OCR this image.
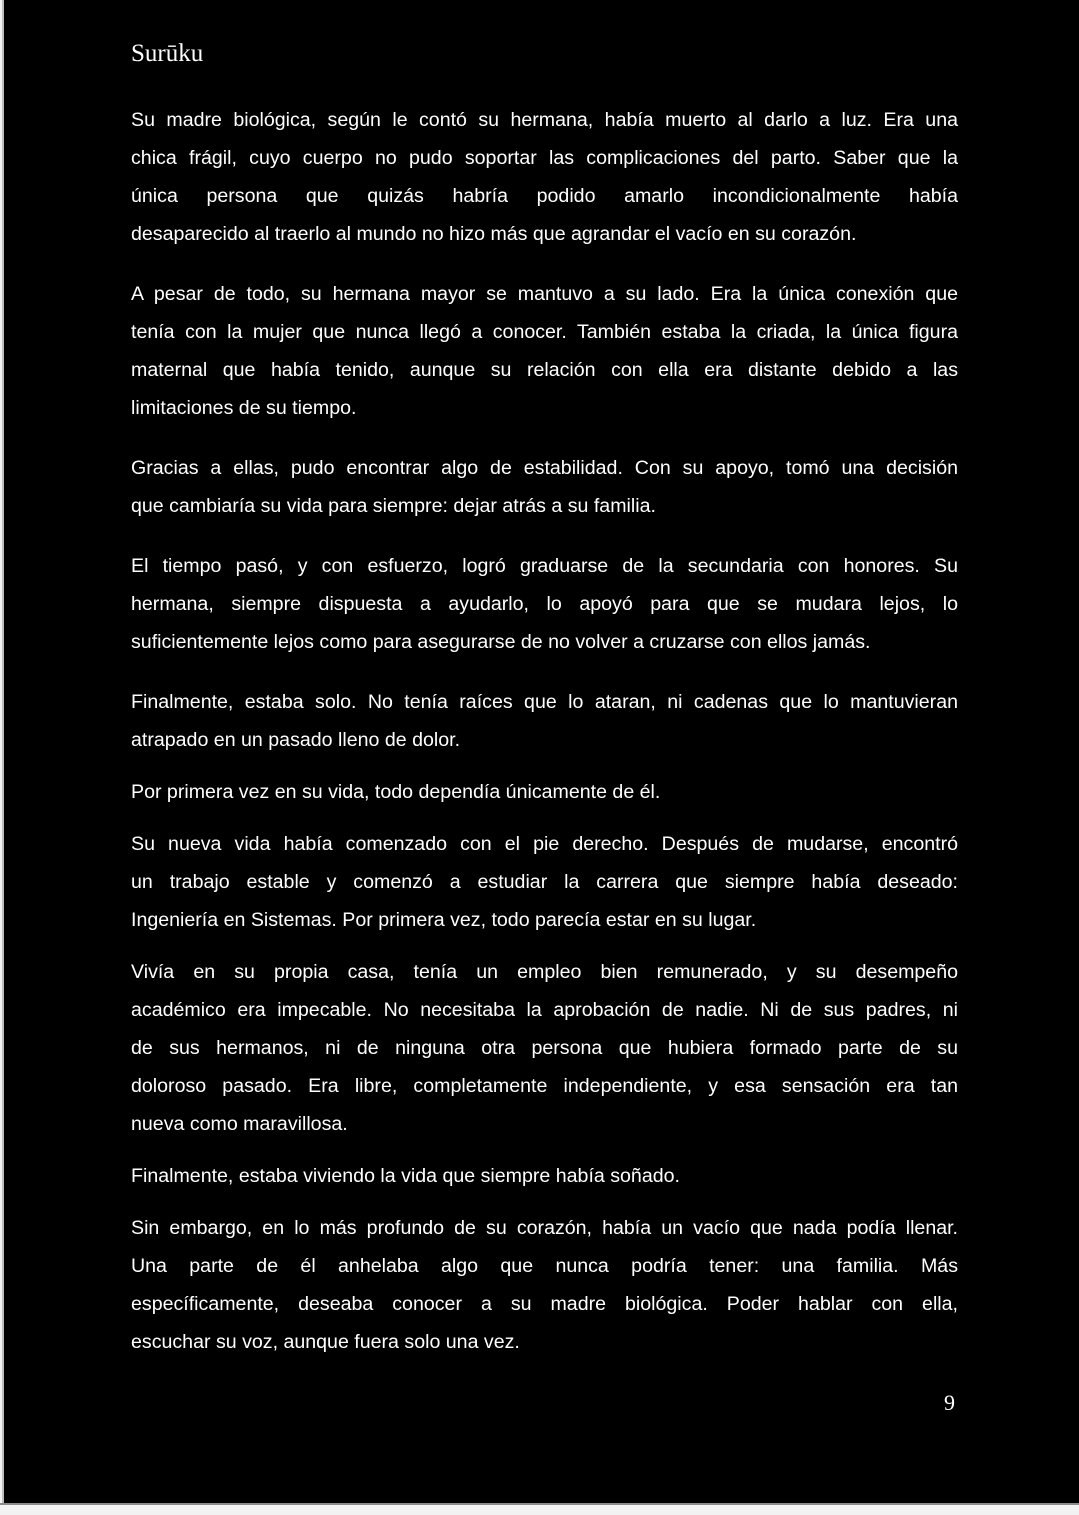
Surūku

Su madre biológica, según le contó su hermana, había muerto al darlo a luz. Era una
chica frágil, cuyo cuerpo no pudo soportar las complicaciones del parto. Saber que la
única persona que quizás habría podido amarlo incondicionalmente había
desaparecido al traerlo al mundo no hizo más que agrandar el vacío en su corazón.

A pesar de todo, su hermana mayor se mantuvo a su lado. Era la única conexión que
tenía con la mujer que nunca llegó a conocer. También estaba la criada, la única figura
maternal que había tenido, aunque su relación con ella era distante debido a las
limitaciones de su tiempo.

Gracias a ellas, pudo encontrar algo de estabilidad. Con su apoyo, tomó una decisión
que cambiaría su vida para siempre: dejar atrás a su familia.

El tiempo pasó, y con esfuerzo, logró graduarse de la secundaria con honores. Su
hermana, siempre dispuesta a ayudarlo, lo apoyó para que se mudara lejos, lo
suficientemente lejos como para asegurarse de no volver a cruzarse con ellos jamás.

Finalmente, estaba solo. No tenía raíces que lo ataran, ni cadenas que lo mantuvieran
atrapado en un pasado lleno de dolor.

Por primera vez en su vida, todo dependía únicamente de él.

Su nueva vida había comenzado con el pie derecho. Después de mudarse, encontró
un trabajo estable y comenzó a estudiar la carrera que siempre había deseado:
Ingeniería en Sistemas. Por primera vez, todo parecía estar en su lugar.

Vivía en su propia casa, tenía un empleo bien remunerado, y su desempeño
académico era impecable. No necesitaba la aprobación de nadie. Ni de sus padres, ni
de sus hermanos, ni de ninguna otra persona que hubiera formado parte de su
doloroso pasado. Era libre, completamente independiente, y esa sensación era tan
nueva como maravillosa.

Finalmente, estaba viviendo la vida que siempre había soñado.

Sin embargo, en lo más profundo de su corazón, había un vacío que nada podía llenar.
Una parte de él anhelaba algo que nunca podría tener: una familia. Más
específicamente, deseaba conocer a su madre biológica. Poder hablar con ella,
escuchar su voz, aunque fuera solo una vez.

9
